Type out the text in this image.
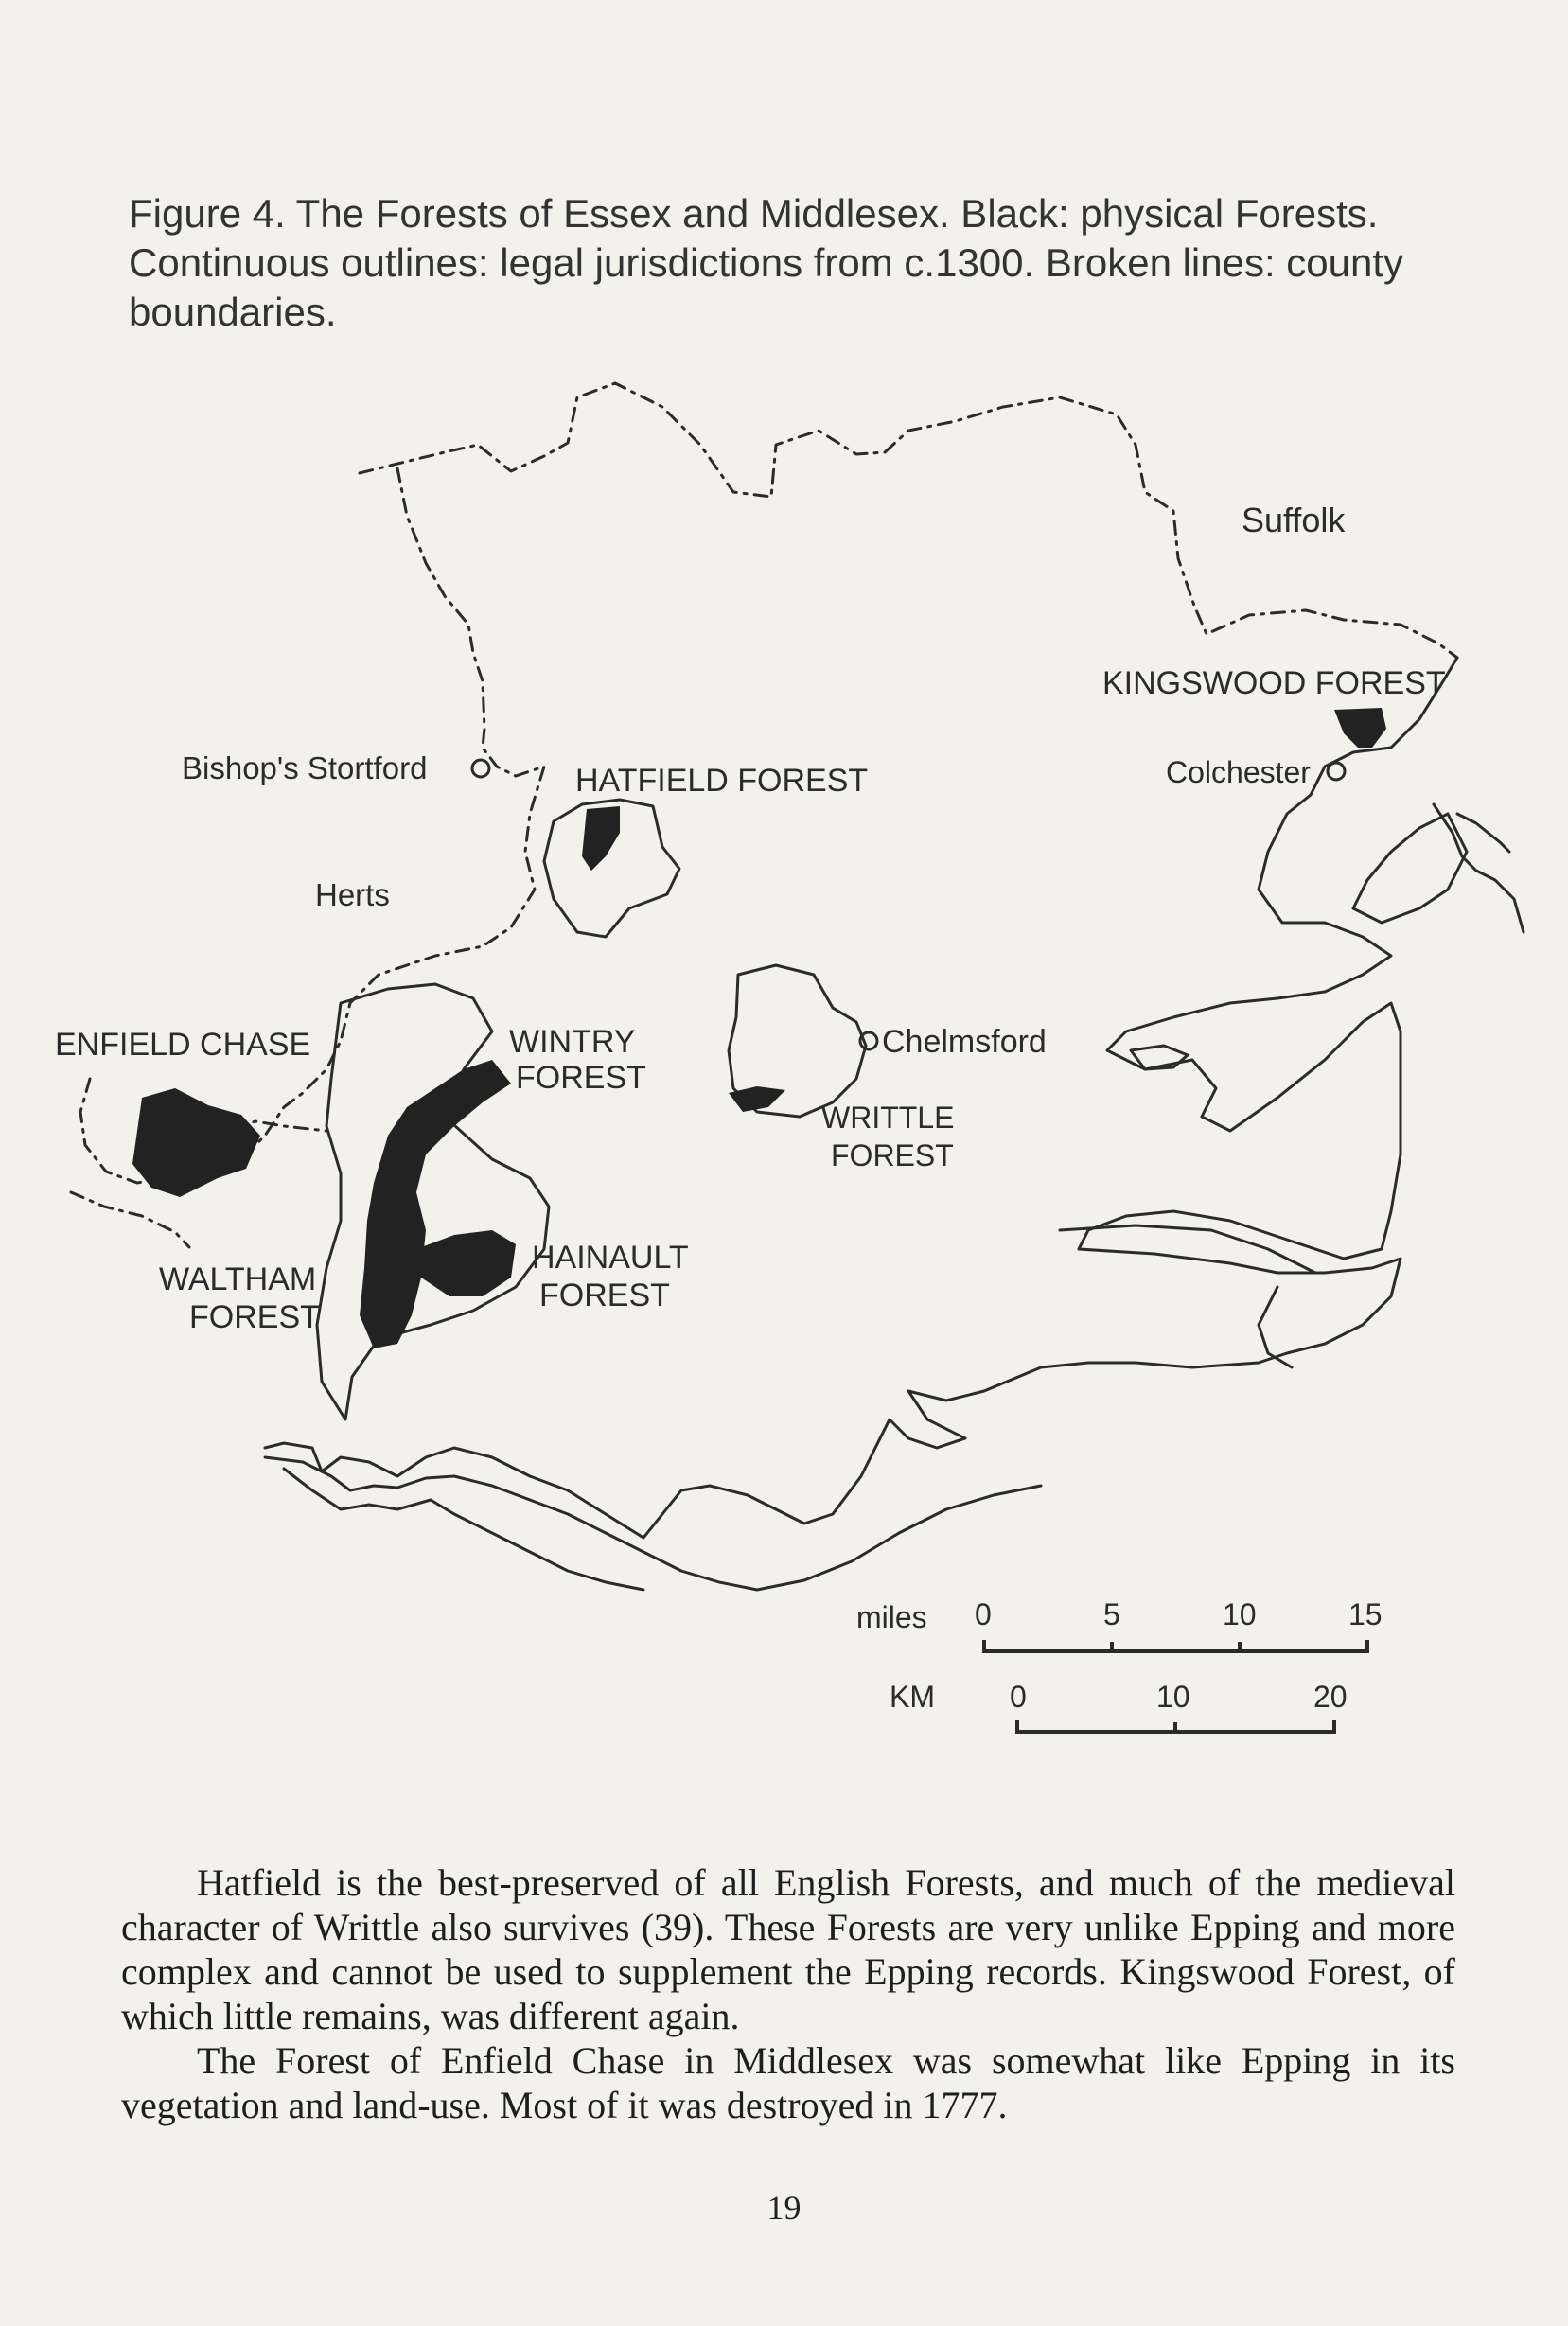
Figure 4. The Forests of Essex and Middlesex. Black: physical Forests. Continuous outlines: legal jurisdictions from c.1300. Broken lines: county boundaries.
Suffolk
KINGSWOOD FOREST
Colchester
Bishop's Stortford	HATFIELD FOREST
Herts
ENFIELD CHASE	WINTRY
FOREST
Chelmsford
WRITTLE
FOREST
WALTHAM
FOREST
HAINAULT
FOREST
miles 0	5	10	15
KM 0	10	20

Hatfield is the best-preserved of all English Forests, and much of the medieval character of Writtle also survives (39). These Forests are very unlike Epping and more complex and cannot be used to supplement the Epping records. Kingswood Forest, of which little remains, was different again.

The Forest of Enfield Chase in Middlesex was somewhat like Epping in its vegetation and land-use. Most of it was destroyed in 1777.

19
